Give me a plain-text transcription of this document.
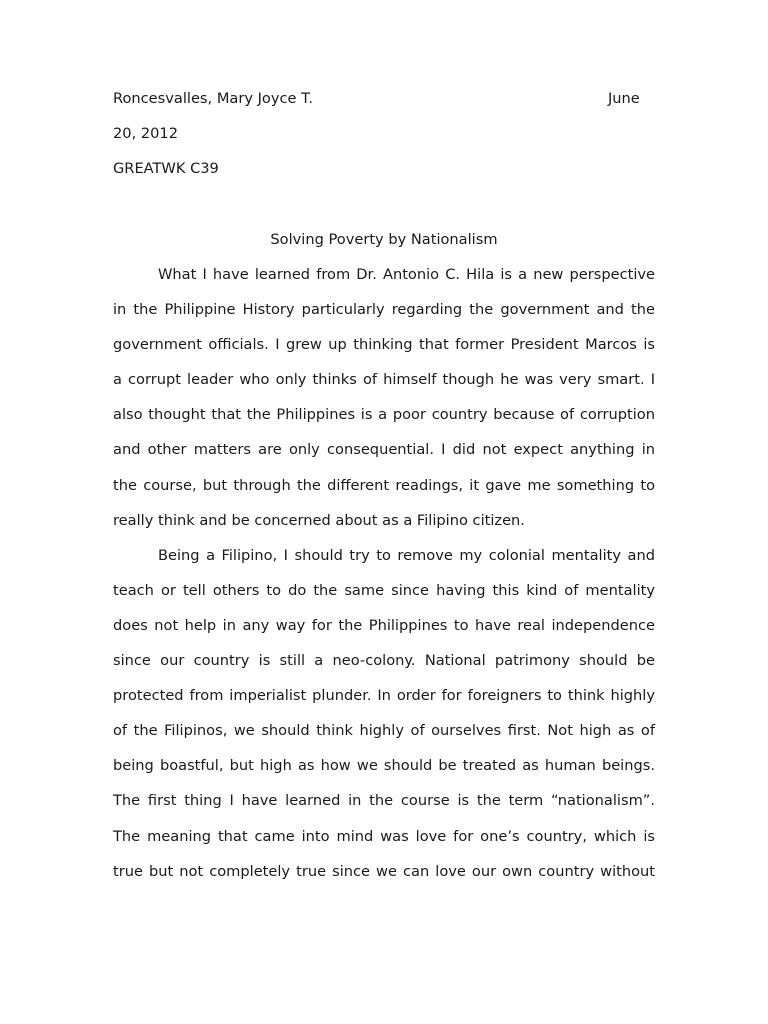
Roncesvalles, Mary Joyce T.	June
20, 2012
GREATWK C39
Solving Poverty by Nationalism
What I have learned from Dr. Antonio C. Hila is a new perspective
in the Philippine History particularly regarding the government and the
government officials. I grew up thinking that former President Marcos is
a corrupt leader who only thinks of himself though he was very smart. I
also thought that the Philippines is a poor country because of corruption
and other matters are only consequential. I did not expect anything in
the course, but through the different readings, it gave me something to
really think and be concerned about as a Filipino citizen.
Being a Filipino, I should try to remove my colonial mentality and
teach or tell others to do the same since having this kind of mentality
does not help in any way for the Philippines to have real independence
since our country is still a neo-colony. National patrimony should be
protected from imperialist plunder. In order for foreigners to think highly
of the Filipinos, we should think highly of ourselves first. Not high as of
being boastful, but high as how we should be treated as human beings.
The first thing I have learned in the course is the term “nationalism”.
The meaning that came into mind was love for one’s country, which is
true but not completely true since we can love our own country without
